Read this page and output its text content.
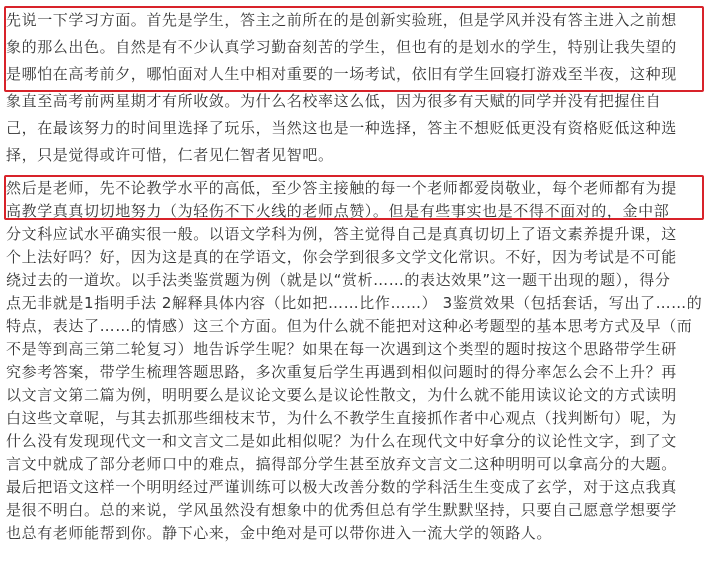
先说一下学习方面。首先是学生，答主之前所在的是创新实验班，但是学风并没有答主进入之前想
象的那么出色。自然是有不少认真学习勤奋刻苦的学生，但也有的是划水的学生，特别让我失望的
是哪怕在高考前夕，哪怕面对人生中相对重要的一场考试，依旧有学生回寝打游戏至半夜，这种现
象直至高考前两星期才有所收敛。为什么名校率这么低，因为很多有天赋的同学并没有把握住自
己，在最该努力的时间里选择了玩乐，当然这也是一种选择，答主不想贬低更没有资格贬低这种选
择，只是觉得或许可惜，仁者见仁智者见智吧。
然后是老师，先不论教学水平的高低，至少答主接触的每一个老师都爱岗敬业，每个老师都有为提
高教学真真切切地努力（为轻伤不下火线的老师点赞）。但是有些事实也是不得不面对的，金中部
分文科应试水平确实很一般。以语文学科为例，答主觉得自己是真真切切上了语文素养提升课，这
个上法好吗？好，因为这是真的在学语文，你会学到很多文学文化常识。不好，因为考试是不可能
绕过去的一道坎。以手法类鉴赏题为例（就是以“赏析……的表达效果”这一题干出现的题），得分
点无非就是1指明手法 2解释具体内容（比如把……比作……） 3鉴赏效果（包括套话，写出了……的
特点，表达了……的情感）这三个方面。但为什么就不能把对这种必考题型的基本思考方式及早（而
不是等到高三第二轮复习）地告诉学生呢？如果在每一次遇到这个类型的题时按这个思路带学生研
究参考答案，带学生梳理答题思路，多次重复后学生再遇到相似问题时的得分率怎么会不上升？再
以文言文第二篇为例，明明要么是议论文要么是议论性散文，为什么就不能用读议论文的方式读明
白这些文章呢，与其去抓那些细枝末节，为什么不教学生直接抓作者中心观点（找判断句）呢，为
什么没有发现现代文一和文言文二是如此相似呢？为什么在现代文中好拿分的议论性文字，到了文
言文中就成了部分老师口中的难点，搞得部分学生甚至放弃文言文二这种明明可以拿高分的大题。
最后把语文这样一个明明经过严谨训练可以极大改善分数的学科活生生变成了玄学，对于这点我真
是很不明白。总的来说，学风虽然没有想象中的优秀但总有学生默默坚持，只要自己愿意学想要学
也总有老师能帮到你。静下心来，金中绝对是可以带你进入一流大学的领路人。
